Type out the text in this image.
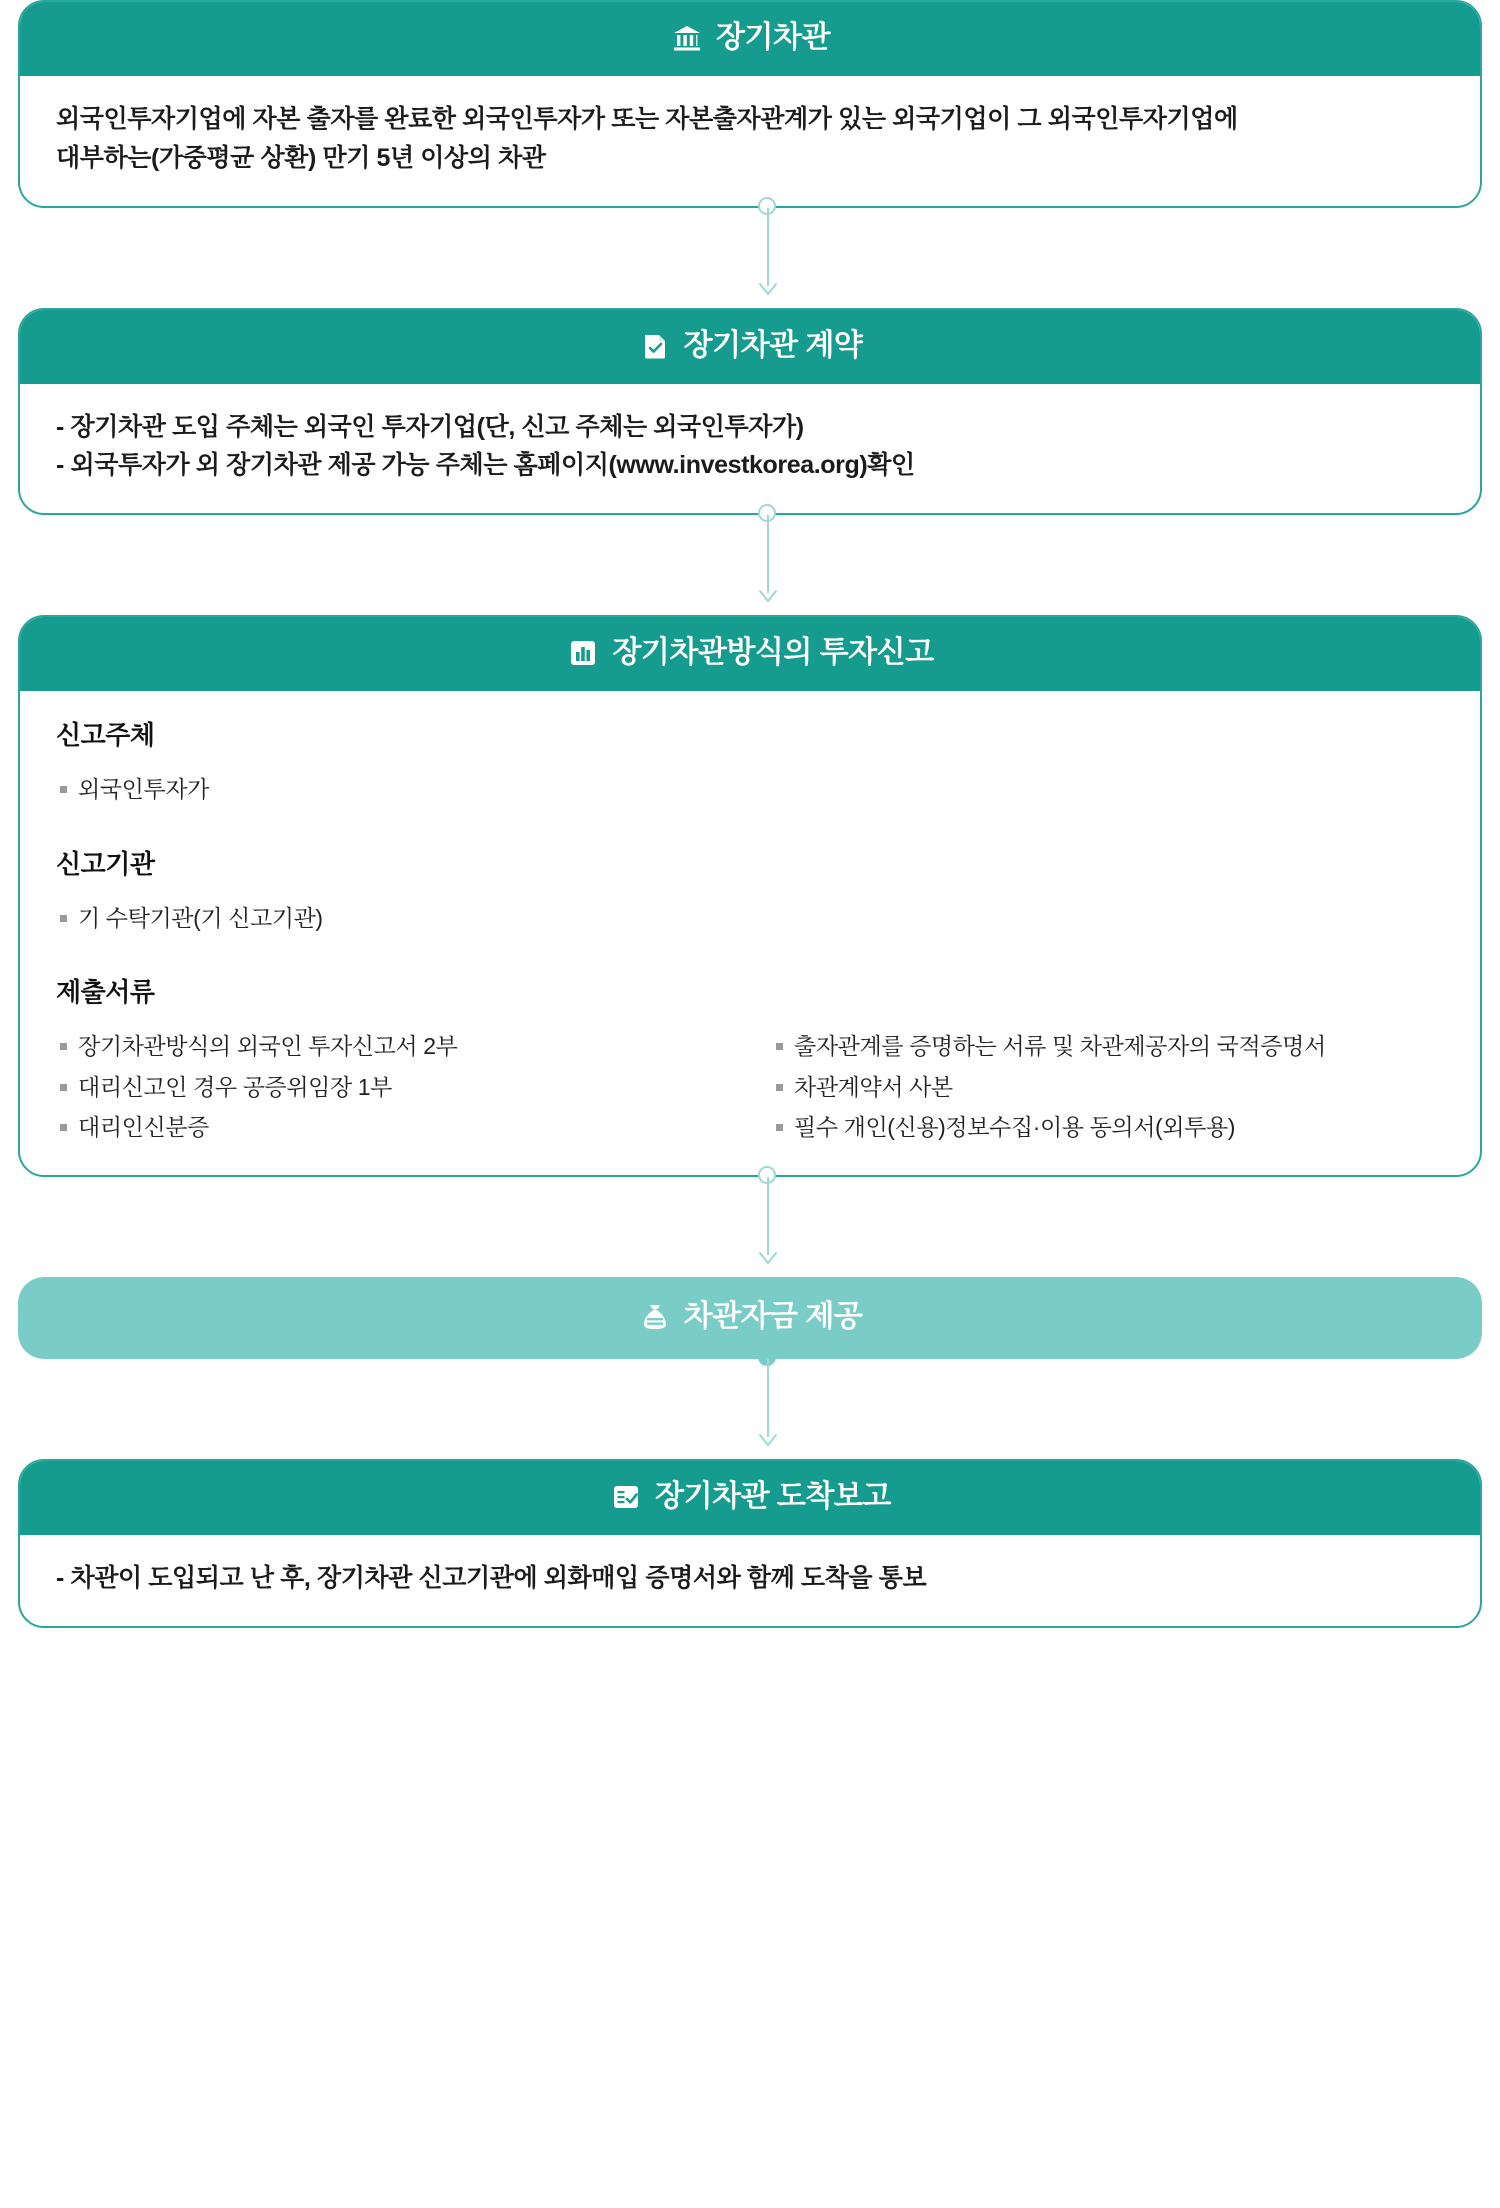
장기차관
외국인투자기업에 자본 출자를 완료한 외국인투자가 또는 자본출자관계가 있는 외국기업이 그 외국인투자기업에
대부하는(가중평균 상환) 만기 5년 이상의 차관
장기차관 계약
- 장기차관 도입 주체는 외국인 투자기업(단, 신고 주체는 외국인투자가)
- 외국투자가 외 장기차관 제공 가능 주체는 홈페이지(www.investkorea.org)확인
장기차관방식의 투자신고
신고주체
외국인투자가
신고기관
기 수탁기관(기 신고기관)
제출서류
장기차관방식의 외국인 투자신고서 2부
대리신고인 경우 공증위임장 1부
대리인신분증
출자관계를 증명하는 서류 및 차관제공자의 국적증명서
차관계약서 사본
필수 개인(신용)정보수집·이용 동의서(외투용)
차관자금 제공
장기차관 도착보고
- 차관이 도입되고 난 후, 장기차관 신고기관에 외화매입 증명서와 함께 도착을 통보
